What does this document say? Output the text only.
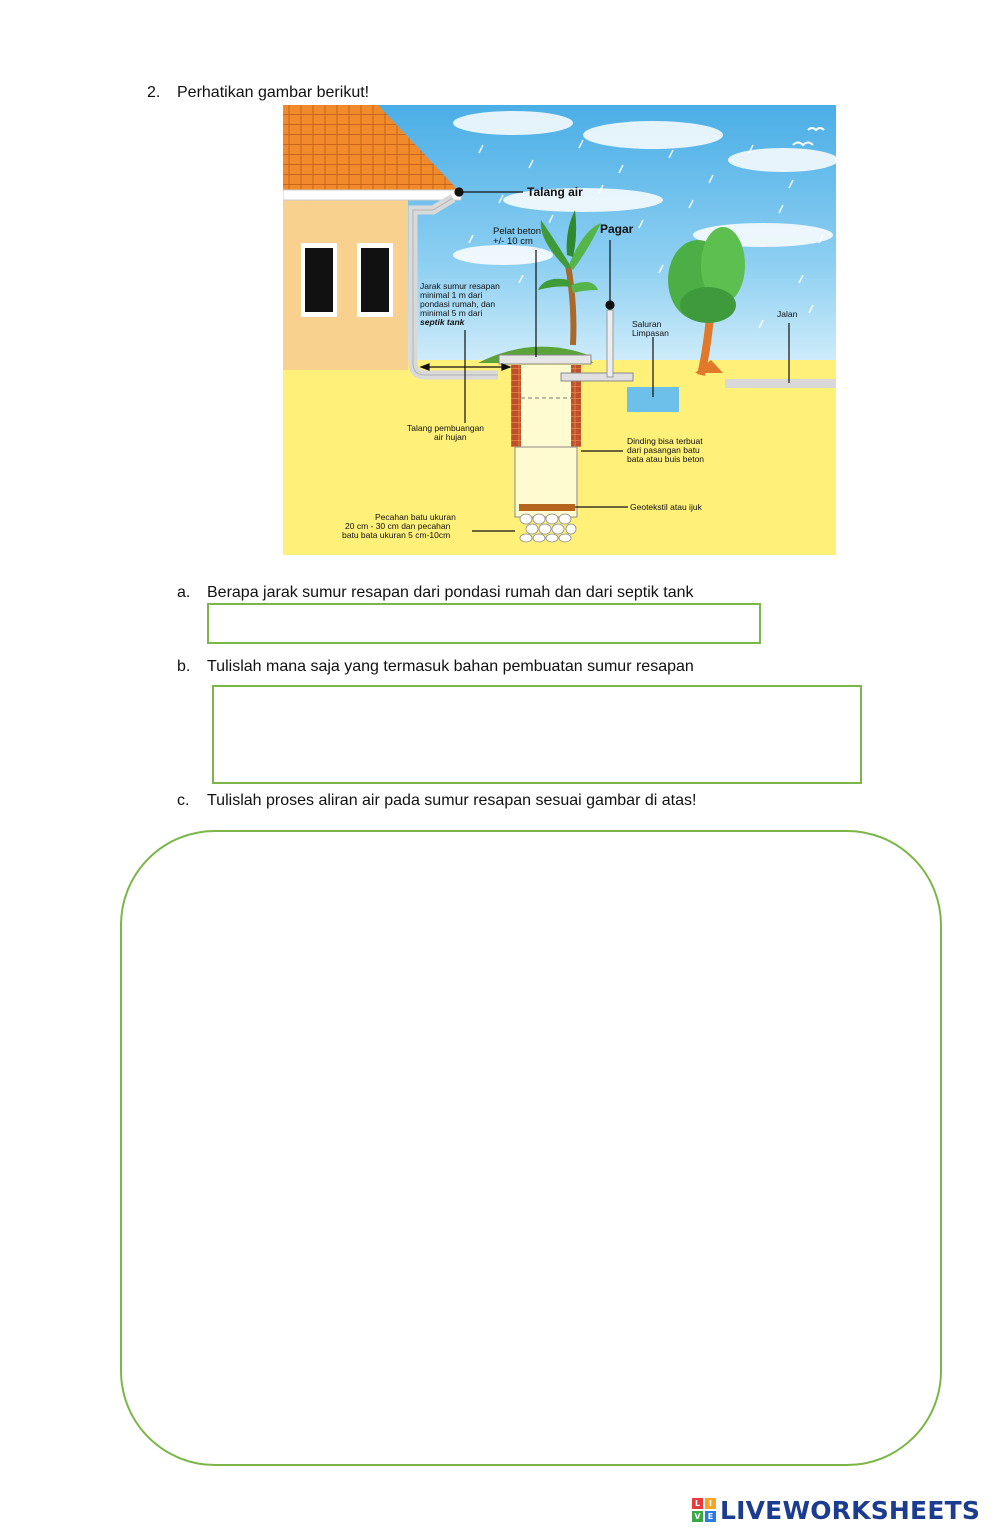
2. Perhatikan gambar berikut!
Talang air
Pelat beton
+/- 10 cm
Pagar
Jarak sumur resapan
minimal 1 m dari
pondasi rumah, dan
minimal 5 m dari
septik tank	Saluran
Limpasan
Jalan
Talang pembuangan
air hujan	Dinding bisa terbuat
dari pasangan batu
bata atau buis beton
Geotekstil atau ijuk
Pecahan batu ukuran
20 cm - 30 cm dan pecahan
batu bata ukuran 5 cm-10cm
a. Berapa jarak sumur resapan dari pondasi rumah dan dari septik tank
b. Tulislah mana saja yang termasuk bahan pembuatan sumur resapan
c. Tulislah proses aliran air pada sumur resapan sesuai gambar di atas!
L	I
V E LIVEWORKSHEETS
